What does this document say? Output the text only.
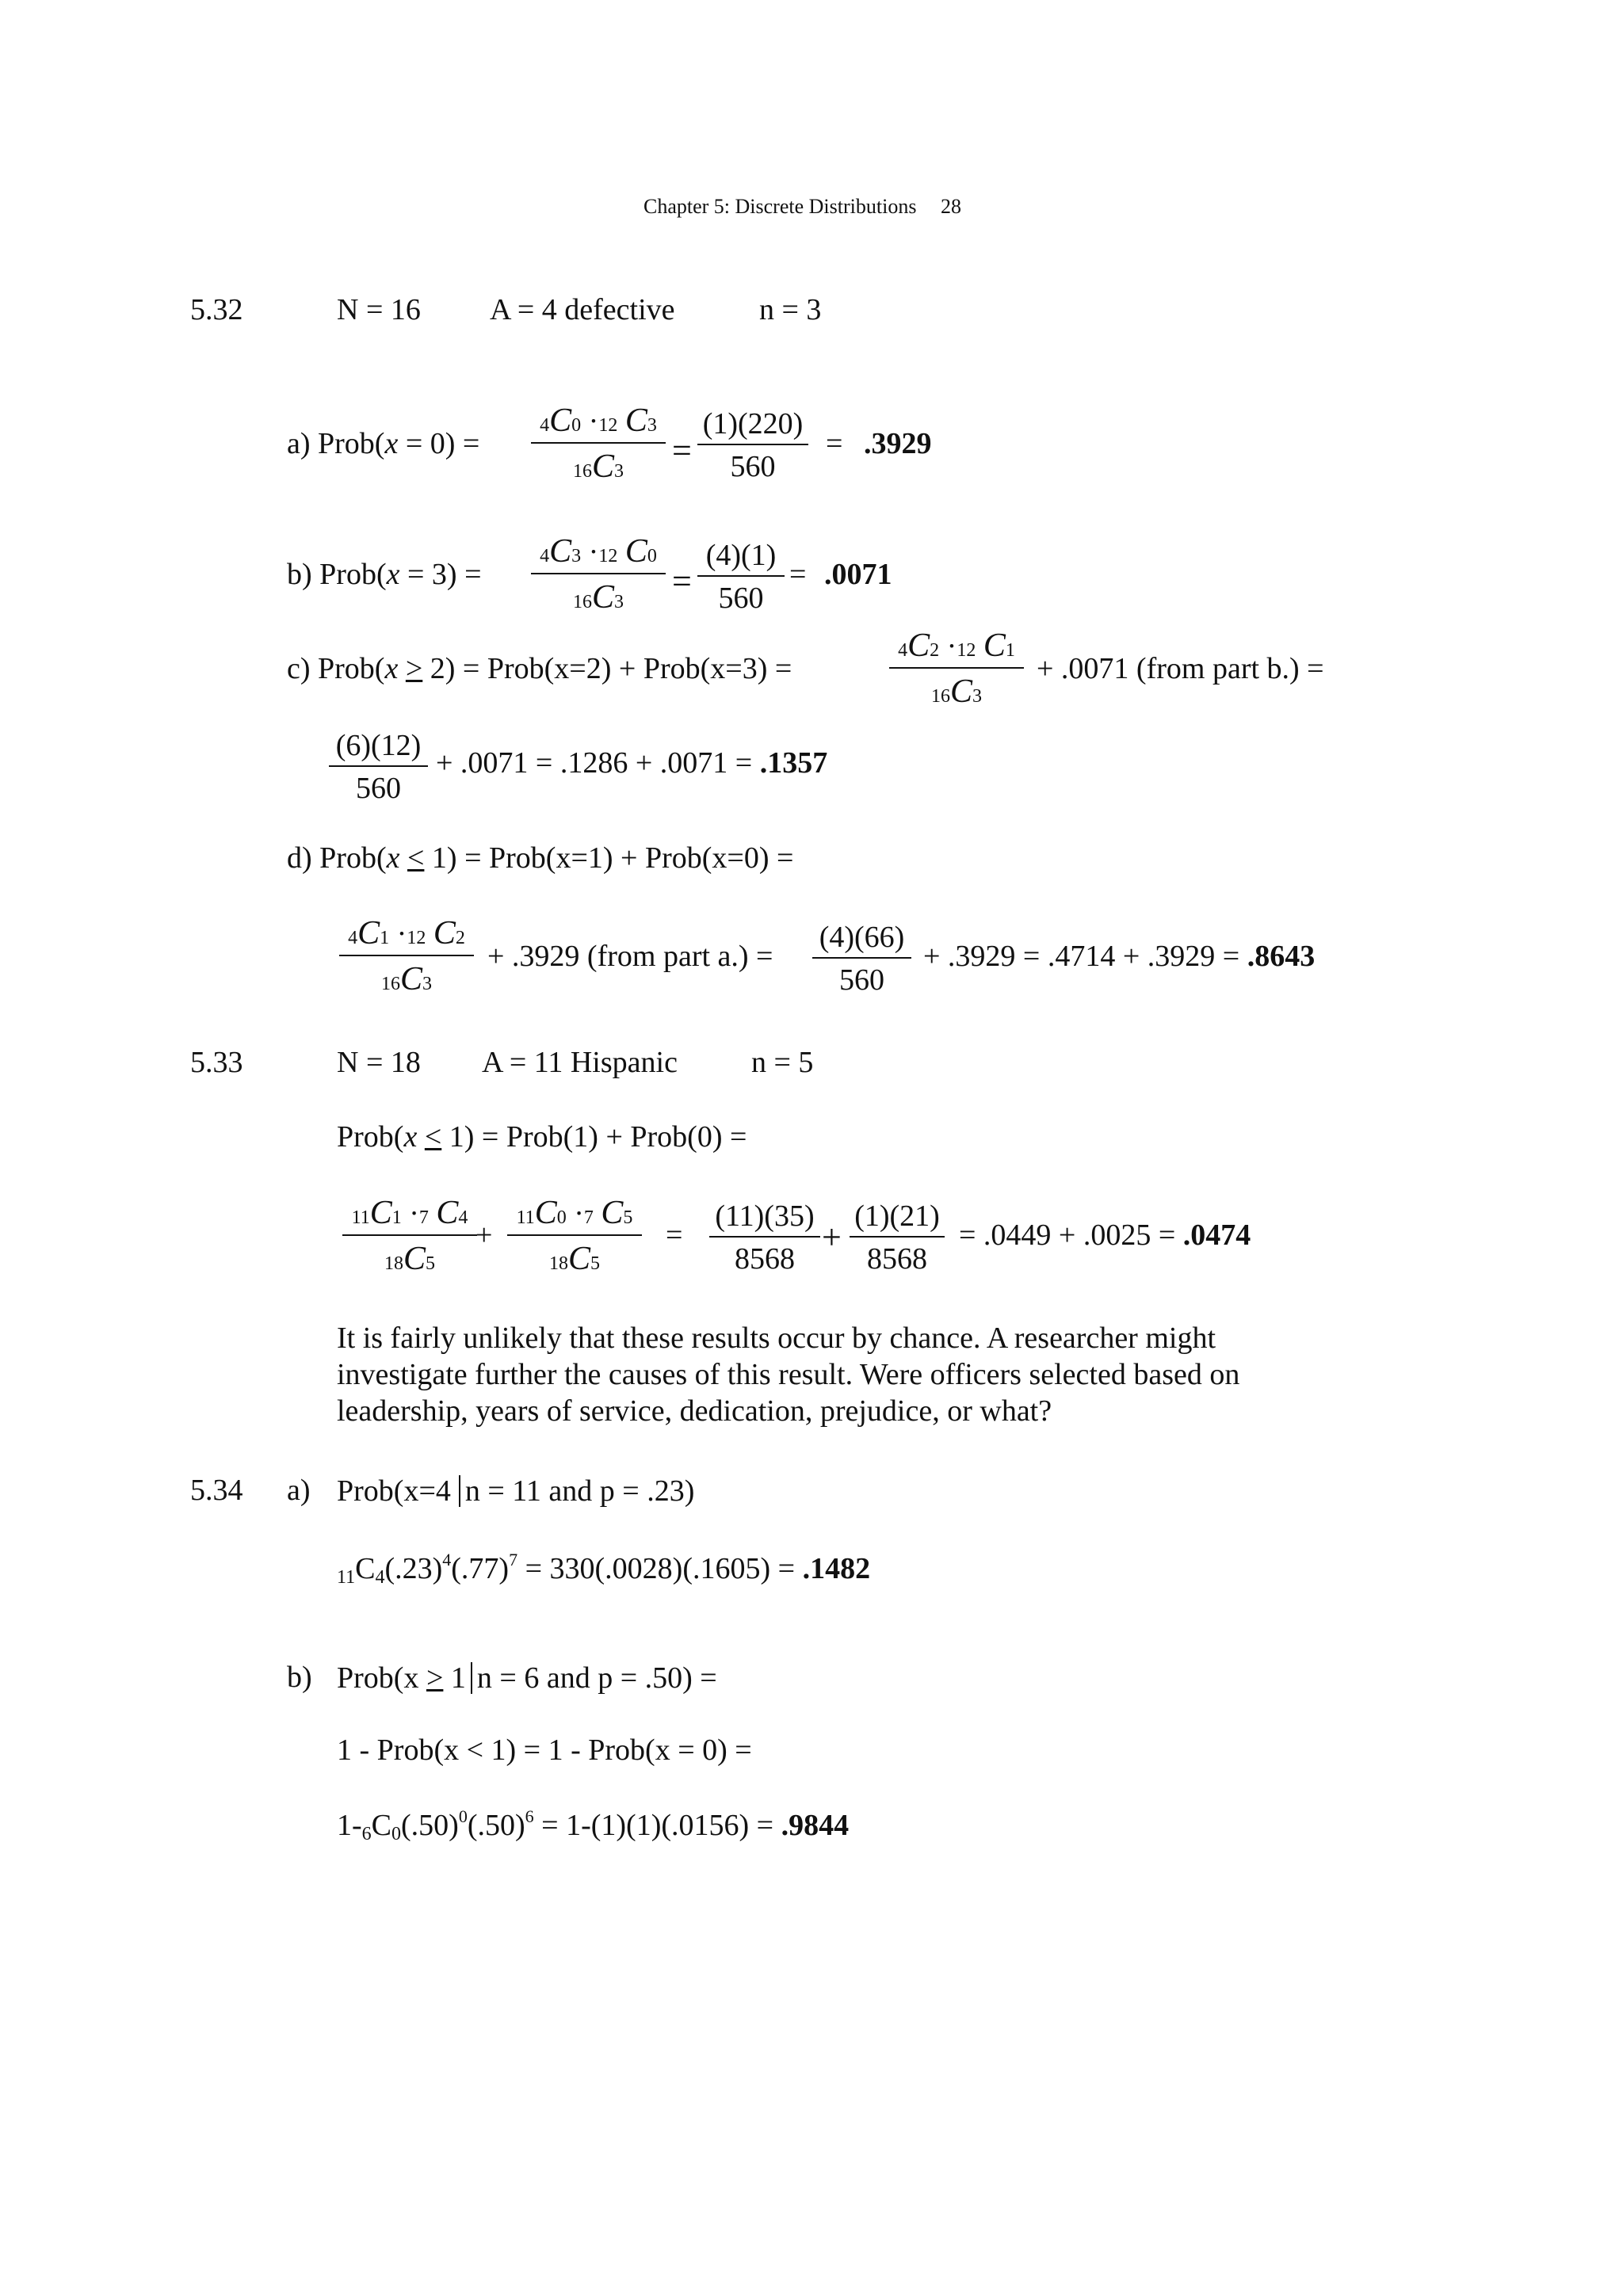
Chapter 5: Discrete Distributions 28
5.32	N = 16 A = 4 defective	n = 3
a) Prob(x = 0) =
4C0 ·12 C3
16C3
=
(1)(220)
560
= .3929
b) Prob(x = 3) =
4C3 ·12 C0
16C3
=
(4)(1)
560
= .0071
c) Prob(x > 2) = Prob(x=2) + Prob(x=3) =
4C2 ·12 C1
16C3
+ .0071 (from part b.) =
(6)(12)
560
+ .0071 = .1286 + .0071 = .1357
d) Prob(x < 1) = Prob(x=1) + Prob(x=0) =
4C1 ·12 C2
16C3
+ .3929 (from part a.) =
(4)(66)
560
+ .3929 = .4714 + .3929 = .8643
5.33	N = 18 A = 11 Hispanic n = 5
Prob(x < 1) = Prob(1) + Prob(0) =
11C1 ·7 C4
18C5
+
11C0 ·7 C5
18C5
=
(11)(35)
8568
+
(1)(21)
8568
= .0449 + .0025 = .0474
It is fairly unlikely that these results occur by chance. A researcher might investigate further the causes of this result. Were officers selected based on leadership, years of service, dedication, prejudice, or what?
5.34 a) Prob(x=4 n = 11 and p = .23)
$11C4(.23)^4(.77)^7 = 330(.0028)(.1605) = .1482$
b) Prob(x > 1 n = 6 and p = .50) =
1 - Prob(x < 1) = 1 - Prob(x = 0) =
$1-6C0(.50)^0(.50)^6 = 1-(1)(1)(.0156) = .9844$
